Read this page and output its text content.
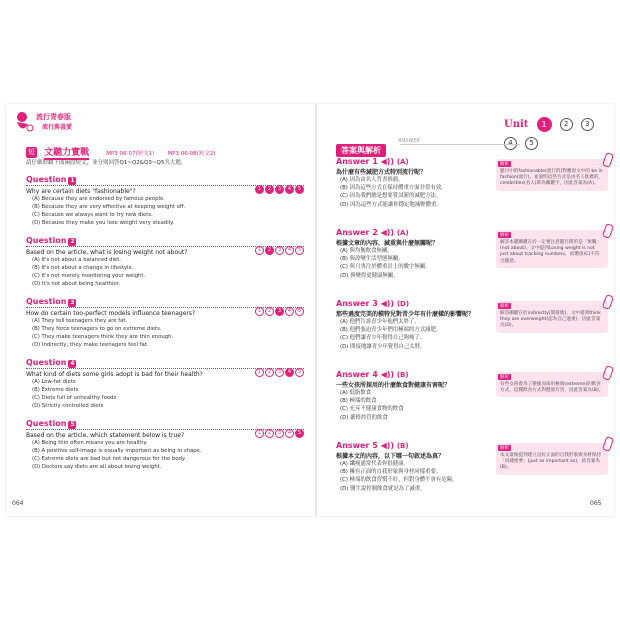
流行青春版
流行與喜愛	Unit 1 2 3 4 5
短 文聽力實戰	MP3 06-07(短文1) MP3 06-08(短文2)
請仔細聆聽下面兩段短文，並分別回答Q1~Q2&Q3~Q5共大題。
Question 1
1 2 3 4 5
Why are certain diets "fashionable"?
(A) Because they are endorsed by famous people.
(B) Because they are very effective at keeping weight off.
(C) Because we always want to try new diets.
(D) Because they make you lose weight very steadily.
Question 2
1 2 3 4 5
Based on the article, what is losing weight not about?
(A) It's not about a balanced diet.
(B) It's not about a change in lifestyle.
(C) It's not merely monitoring your weight.
(D) It's not about being healthier.
Question 3
1 2 3 4 5
How do certain too-perfect models influence teenagers?
(A) They tell teenagers they are fat.
(B) They force teenagers to go on extreme diets.
(C) They make teenagers think they are thin enough.
(D) Indirectly, they make teenagers feel fat.
Question 4
1 2 3 4 5
What kind of diets some girls adopt is bad for their health?
(A) Low-fat diets
(B) Extreme diets
(C) Diets full of unhealthy foods
(D) Strictly controlled diets
Question 5
1 2 3 4 5
Based on the article, which statement below is true?
(A) Being thin often means you are healthy.
(B) A positive self-image is equally important as being in shape.
(C) Extreme diets are bad but not dangerous for the body.
(D) Doctors say diets are all about losing weight.
064
答案與解析
ANSWER
Answer 1 ◀)) (A)
為什麼有些減肥方式特別流行呢？
(A) 因為由名人背書推薦。
(B) 因為這些方式在保持體重方面非常有效。
(C) 因為我們總是想要嘗試新的減肥方法。
(D) 因為這些方式能讓你穩定地減輕體重。
解析
題目中的fashionable(流行的)對應原文中的 be in fashion(流行)，並說明這些方式是由名人推薦的，celebrities(名人)即為關鍵字，因此答案為(A)。
Answer 2 ◀)) (A)
根據文章的內容，減重與什麼無關呢？
(A) 與均衡飲食無關。
(B) 與改變生活型態無關。
(C) 與只專注於體重計上的數字無關。
(D) 與變得更健康無關。
解析
解答本題關鍵在於一定要注意題目問的是「無關」(not about)。文中提到Losing weight is not just about tracking numbers，故選項(C)不符合題意。
Answer 3 ◀)) (D)
那些過度完美的模特兒對青少年有什麼樣的影響呢？
(A) 他們告訴青少年他們太胖了。
(B) 他們強迫青少年們用極端的方式減肥。
(C) 他們讓青少年覺得自己夠瘦了。
(D) 間接地讓青少年覺得自己太胖。
解析
解答關鍵在於indirectly(間接地)，文中提到think they are overweight(認為自己過重)，因此答案為(D)。
Answer 4 ◀)) (B)
一些女孩所採用的什麼飲食對健康有害呢？
(A) 低脂飲食
(B) 極端的飲食
(C) 充斥不健康食物的飲食
(D) 嚴格控管的飲食
解析
有些女孩會為了變瘦而採用極端(extreme)的飲食方式，這種飲食方式對健康有害，因此答案為(B)。
Answer 5 ◀)) (B)
根據本文的內容，以下哪一句敘述為真？
(A) 纖瘦通常代表你很健康。
(B) 擁有正面的自我形象與身材同樣重要。
(C) 極端的飲食習慣不好，但對身體不會有危險。
(D) 醫生說控制飲食就是為了減重。
解析
本文最後提到建立良好正面的自我形象與身材保持「同樣重要」(just as important as)，故答案為(B)。
065
